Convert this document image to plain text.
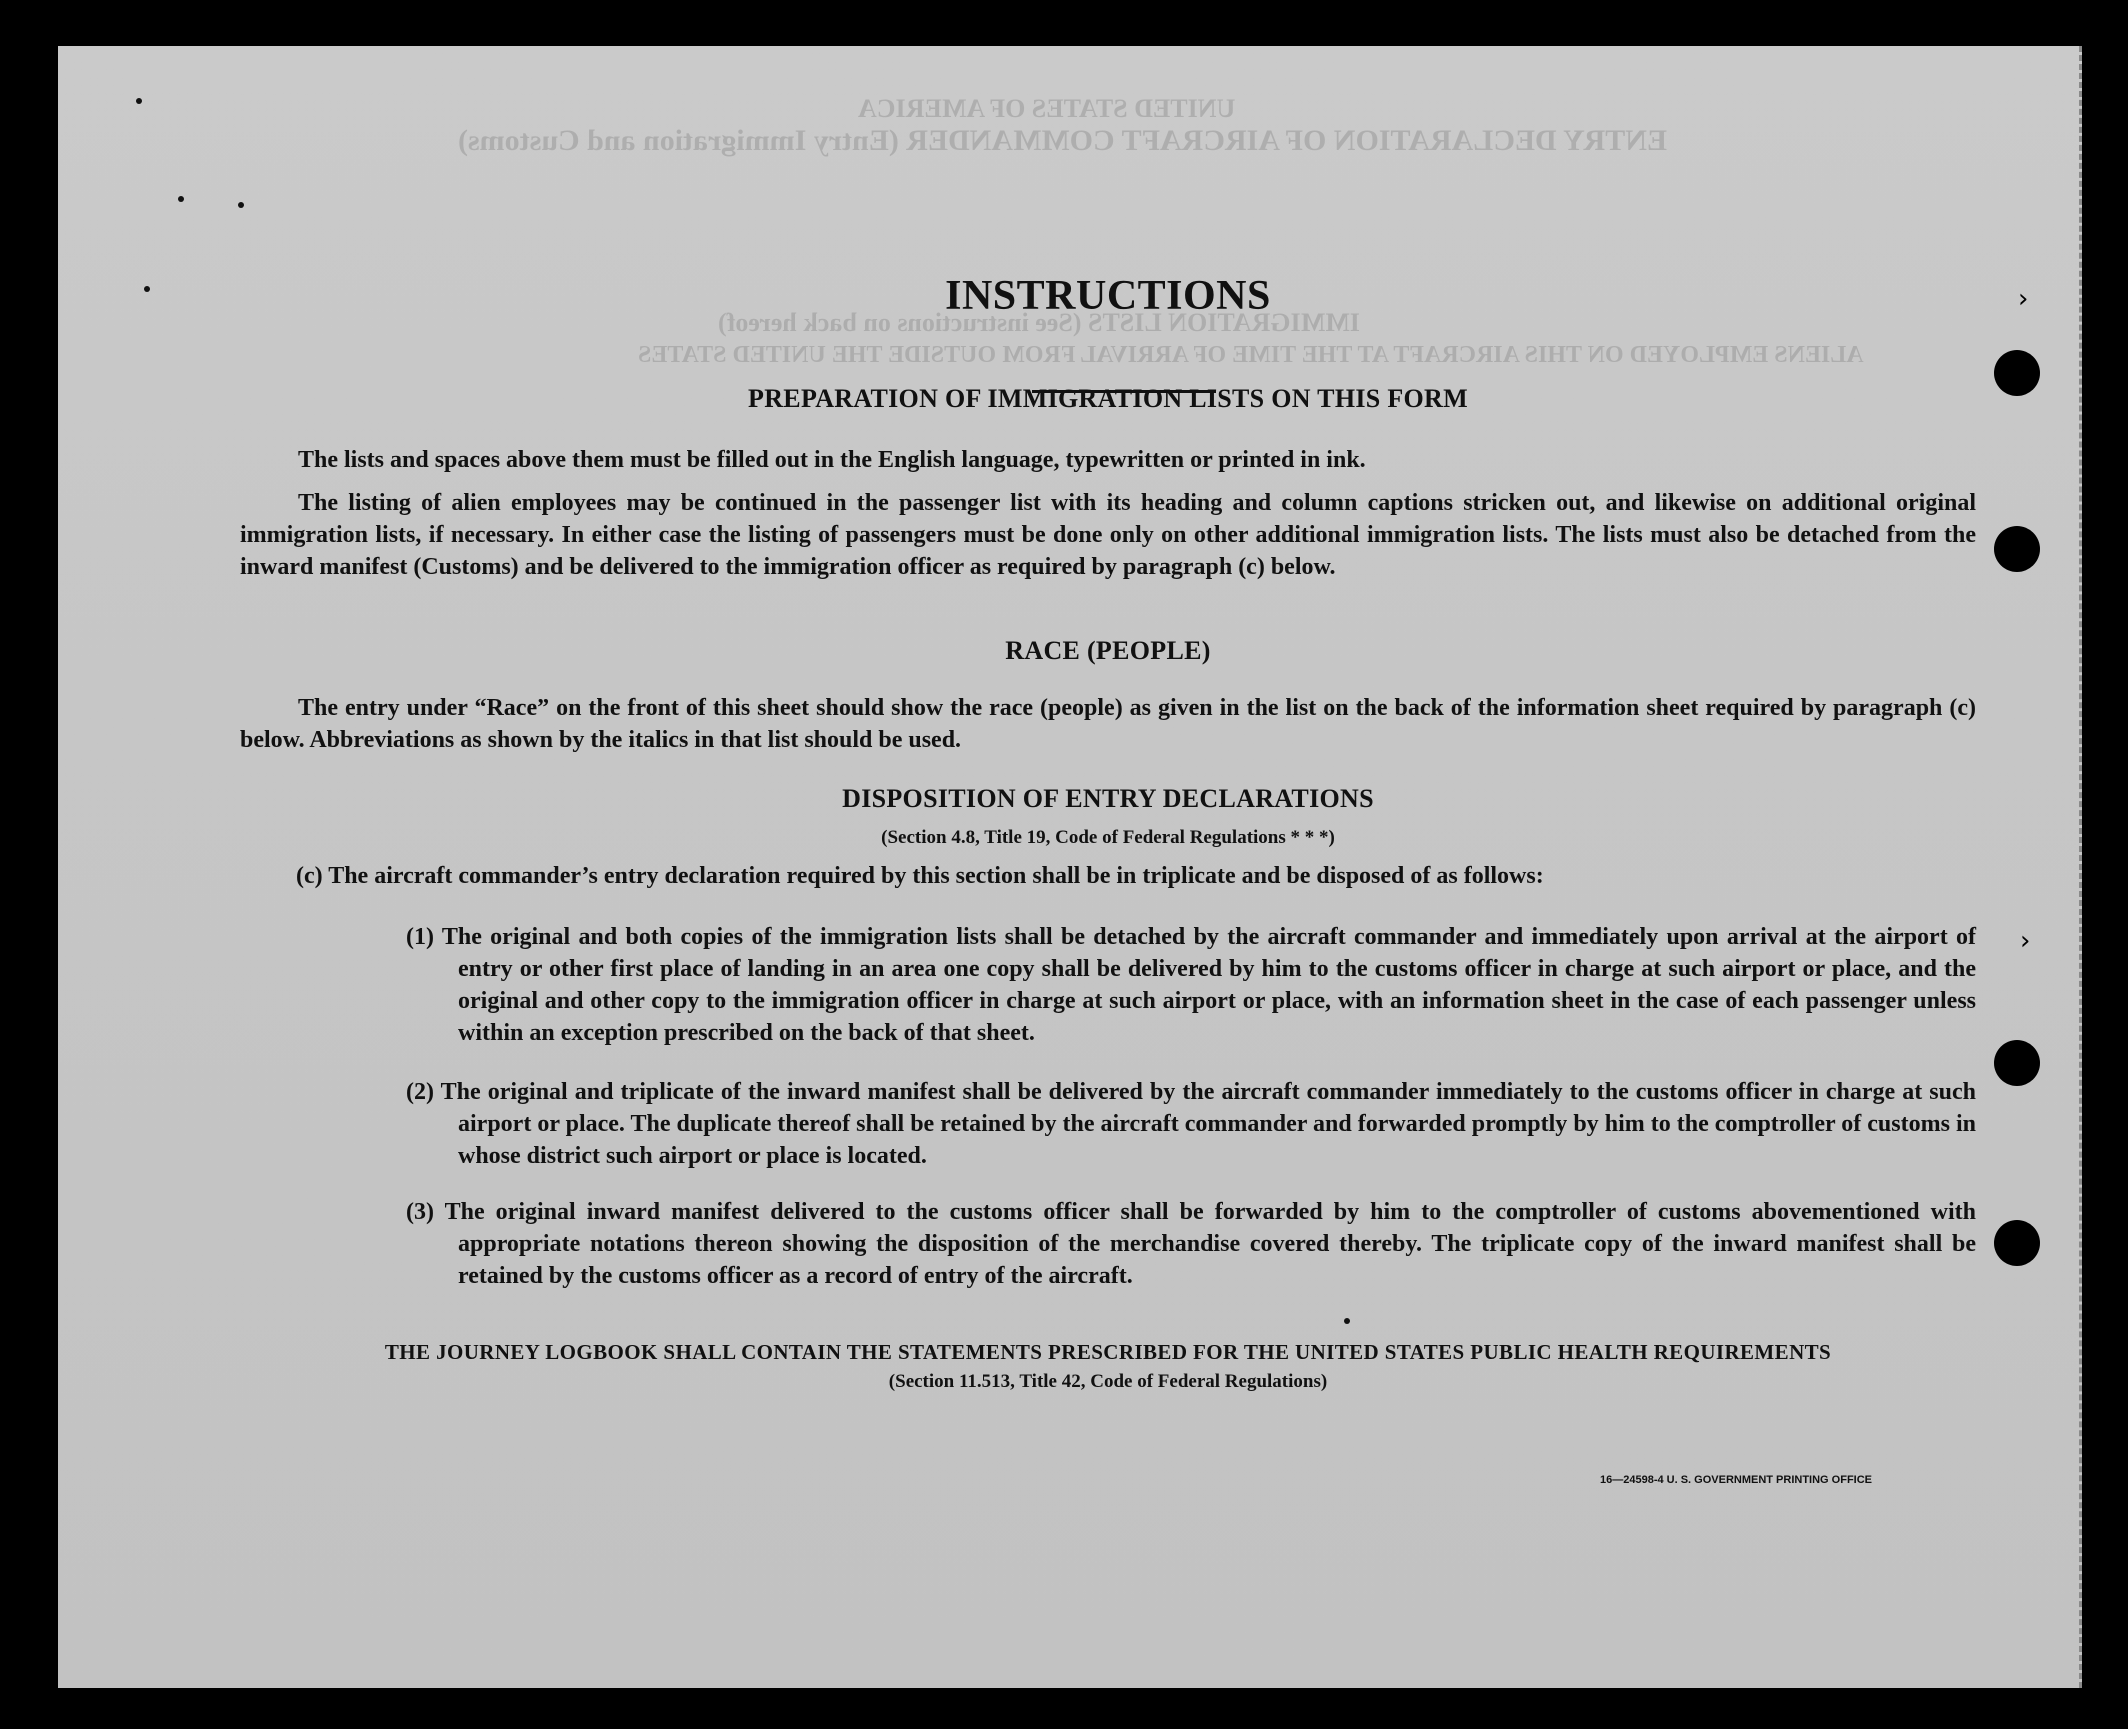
UNITED STATES OF AMERICA
ENTRY DECLARATION OF AIRCRAFT COMMANDER (Entry Immigration and Customs)
IMMIGRATION LISTS (See instructions on back hereof)
ALIENS EMPLOYED ON THIS AIRCRAFT AT THE TIME OF ARRIVAL FROM OUTSIDE THE UNITED STATES
INSTRUCTIONS
PREPARATION OF IMMIGRATION LISTS ON THIS FORM
The lists and spaces above them must be filled out in the English language, typewritten or printed in ink.
The listing of alien employees may be continued in the passenger list with its heading and column captions stricken out, and likewise on additional original immigration lists, if necessary. In either case the listing of passengers must be done only on other additional immigration lists. The lists must also be detached from the inward manifest (Customs) and be delivered to the immigration officer as required by paragraph (c) below.
RACE (PEOPLE)
The entry under “Race” on the front of this sheet should show the race (people) as given in the list on the back of the information sheet required by paragraph (c) below. Abbreviations as shown by the italics in that list should be used.
DISPOSITION OF ENTRY DECLARATIONS
(Section 4.8, Title 19, Code of Federal Regulations * * *)
(c) The aircraft commander’s entry declaration required by this section shall be in triplicate and be disposed of as follows:
(1) The original and both copies of the immigration lists shall be detached by the aircraft commander and immediately upon arrival at the airport of entry or other first place of landing in an area one copy shall be delivered by him to the customs officer in charge at such airport or place, and the original and other copy to the immigration officer in charge at such airport or place, with an information sheet in the case of each passenger unless within an exception prescribed on the back of that sheet.
(2) The original and triplicate of the inward manifest shall be delivered by the aircraft commander immediately to the customs officer in charge at such airport or place. The duplicate thereof shall be retained by the aircraft commander and forwarded promptly by him to the comptroller of customs in whose district such airport or place is located.
(3) The original inward manifest delivered to the customs officer shall be forwarded by him to the comptroller of customs abovementioned with appropriate notations thereon showing the disposition of the merchandise covered thereby. The triplicate copy of the inward manifest shall be retained by the customs officer as a record of entry of the aircraft.
THE JOURNEY LOGBOOK SHALL CONTAIN THE STATEMENTS PRESCRIBED FOR THE UNITED STATES PUBLIC HEALTH REQUIREMENTS
(Section 11.513, Title 42, Code of Federal Regulations)
16—24598-4 U. S. GOVERNMENT PRINTING OFFICE
›
›
